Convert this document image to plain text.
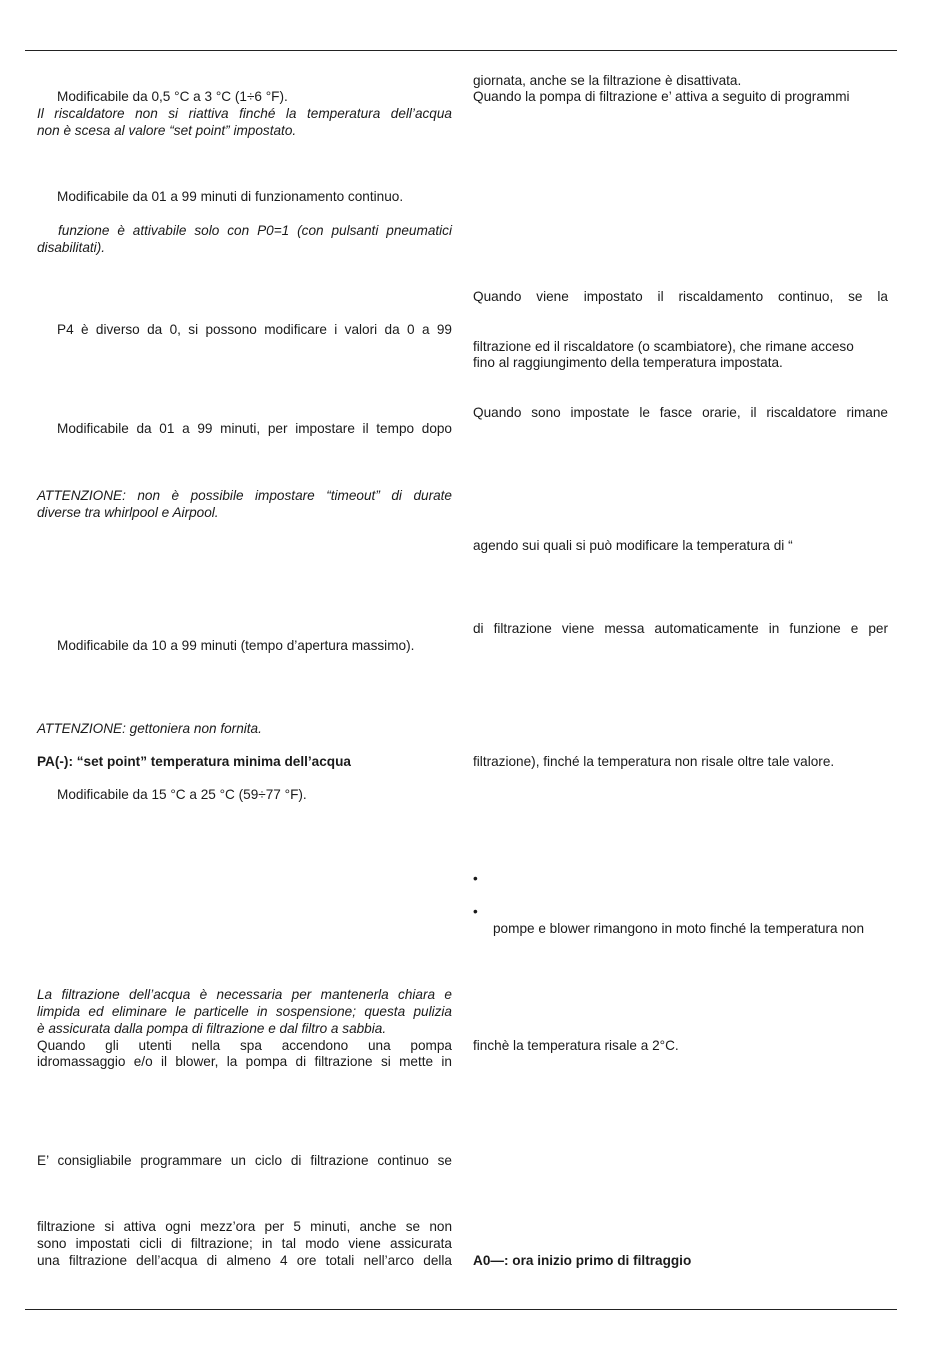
Modificabile da 0,5 °C a 3 °C (1÷6 °F).
Il riscaldatore non si riattiva finché la temperatura dell’acqua
non è scesa al valore “set point” impostato.
Modificabile da 01 a 99 minuti di funzionamento continuo.
funzione è attivabile solo con P0=1 (con pulsanti pneumatici
disabilitati).
P4 è diverso da 0, si possono modificare i valori da 0 a 99
Modificabile da 01 a 99 minuti, per impostare il tempo dopo
ATTENZIONE: non è possibile impostare “timeout” di durate
diverse tra whirlpool e Airpool.
Modificabile da 10 a 99 minuti (tempo d’apertura massimo).
ATTENZIONE: gettoniera non fornita.
PA(-): “set point” temperatura minima dell’acqua
Modificabile da 15 °C a 25 °C (59÷77 °F).
La filtrazione dell’acqua è necessaria per mantenerla chiara e
limpida ed eliminare le particelle in sospensione; questa pulizia
è assicurata dalla pompa di filtrazione e dal filtro a sabbia.
Quando gli utenti nella spa accendono una pompa
idromassaggio e/o il blower, la pompa di filtrazione si mette in
E’ consigliabile programmare un ciclo di filtrazione continuo se
filtrazione si attiva ogni mezz’ora per 5 minuti, anche se non
sono impostati cicli di filtrazione; in tal modo viene assicurata
una filtrazione dell’acqua di almeno 4 ore totali nell’arco della
giornata, anche se la filtrazione è disattivata.
Quando la pompa di filtrazione e’ attiva a seguito di programmi
Quando viene impostato il riscaldamento continuo, se la
filtrazione ed il riscaldatore (o scambiatore), che rimane acceso
fino al raggiungimento della temperatura impostata.
Quando sono impostate le fasce orarie, il riscaldatore rimane
agendo sui quali si può modificare la temperatura di “
di filtrazione viene messa automaticamente in funzione e per
filtrazione), finché la temperatura non risale oltre tale valore.
•
•
pompe e blower rimangono in moto finché la temperatura non
finchè la temperatura risale a 2°C.
A0—: ora inizio primo di filtraggio
